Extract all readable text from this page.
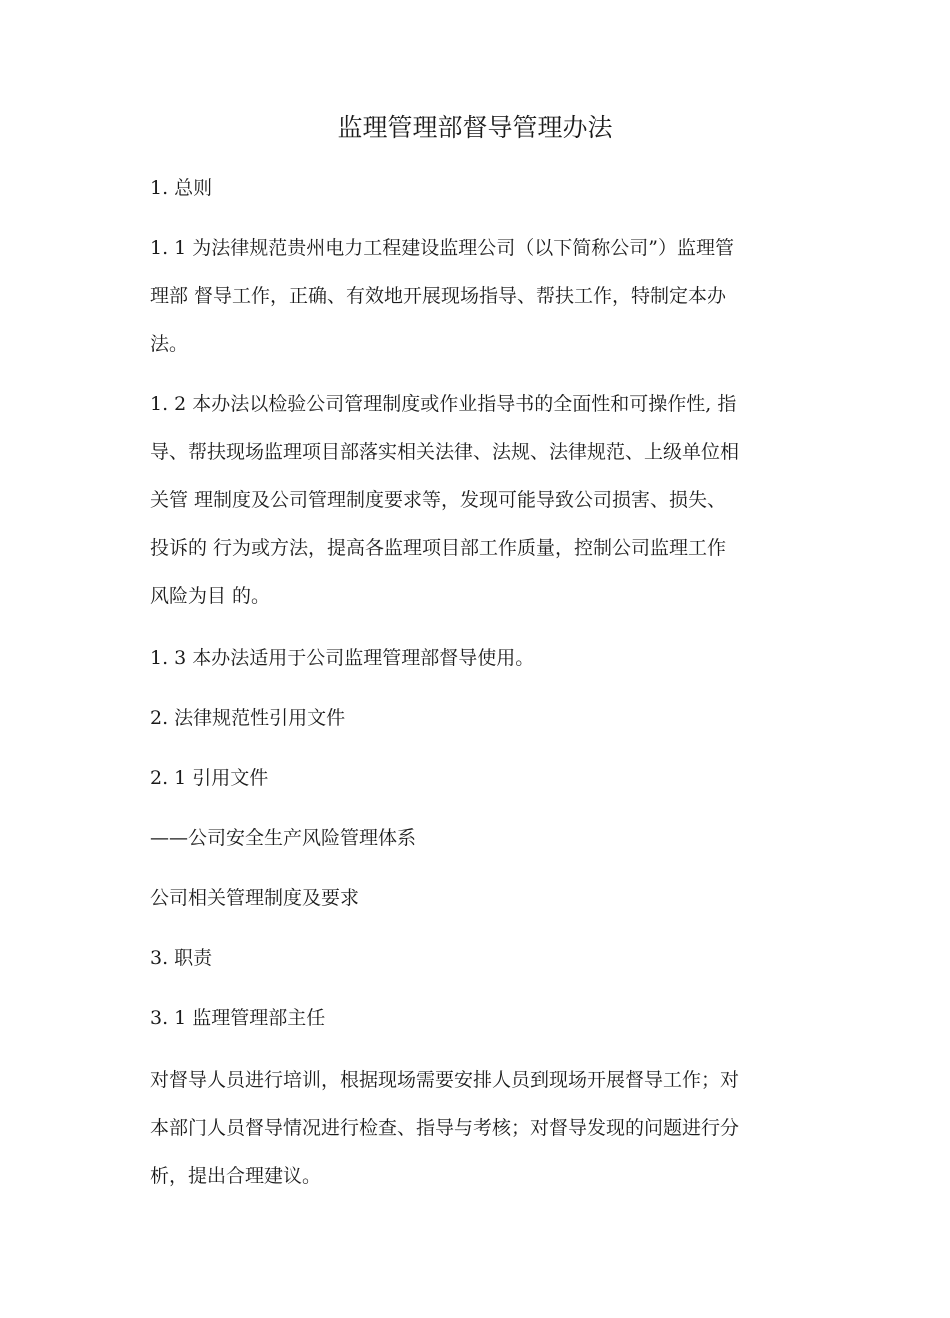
监理管理部督导管理办法
1. 总则
1. 1 为法律规范贵州电力工程建设监理公司（以下简称公司”）监理管
理部 督导工作，正确、有效地开展现场指导、帮扶工作，特制定本办
法。
1. 2 本办法以检验公司管理制度或作业指导书的全面性和可操作性, 指
导、帮扶现场监理项目部落实相关法律、法规、法律规范、上级单位相
关管 理制度及公司管理制度要求等，发现可能导致公司损害、损失、
投诉的 行为或方法，提高各监理项目部工作质量，控制公司监理工作
风险为目 的。
1. 3 本办法适用于公司监理管理部督导使用。
2. 法律规范性引用文件
2. 1 引用文件
——公司安全生产风险管理体系
公司相关管理制度及要求
3. 职责
3. 1 监理管理部主任
对督导人员进行培训，根据现场需要安排人员到现场开展督导工作；对
本部门人员督导情况进行检查、指导与考核；对督导发现的问题进行分
析，提出合理建议。
